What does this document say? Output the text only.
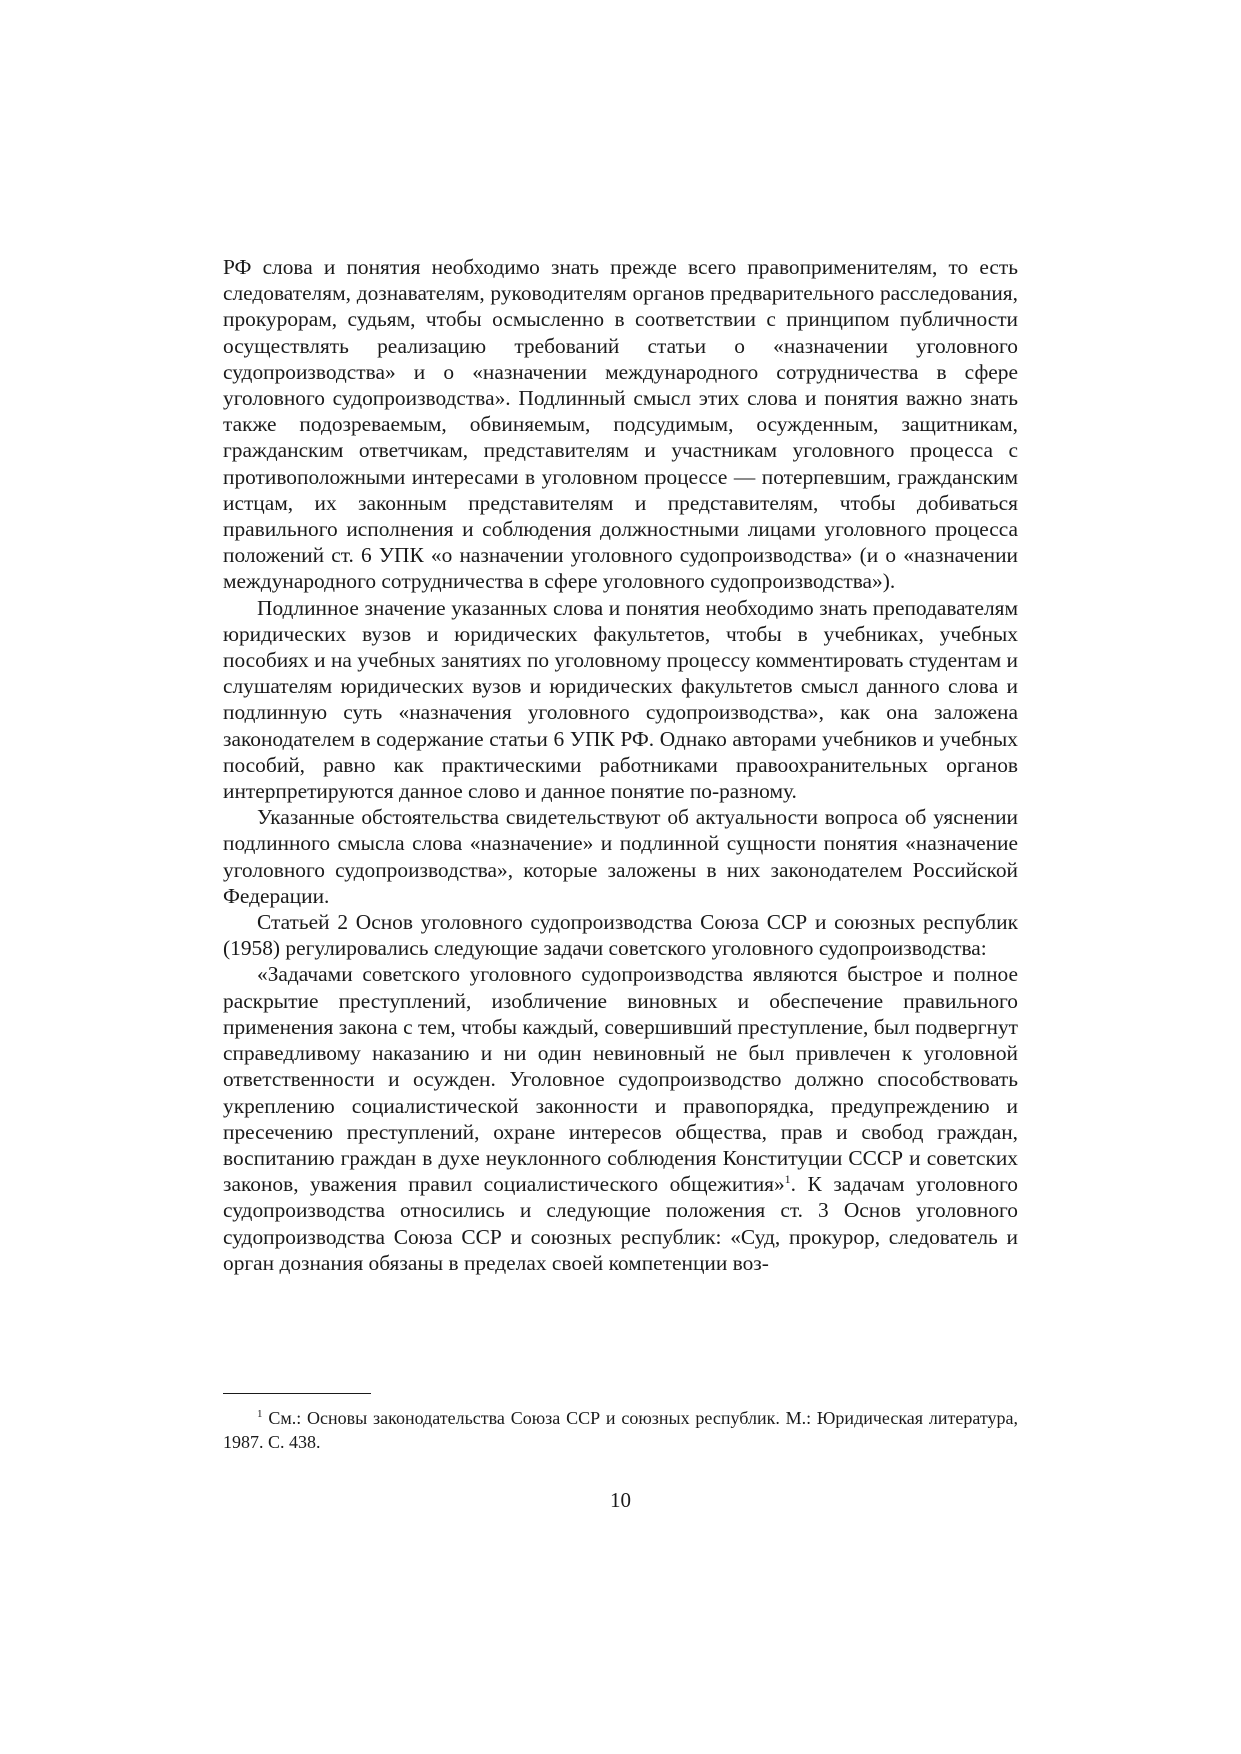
РФ слова и понятия необходимо знать прежде всего правоприменителям, то есть следователям, дознавателям, руководителям органов предварительного расследования, прокурорам, судьям, чтобы осмысленно в соответствии с принципом публичности осуществлять реализацию требований статьи о «назначении уголовного судопроизводства» и о «назначении международного сотрудничества в сфере уголовного судопроизводства». Подлинный смысл этих слова и понятия важно знать также подозреваемым, обвиняемым, подсудимым, осужденным, защитникам, гражданским ответчикам, представителям и участникам уголовного процесса с противоположными интересами в уголовном процессе — потерпевшим, гражданским истцам, их законным представителям и представителям, чтобы добиваться правильного исполнения и соблюдения должностными лицами уголовного процесса положений ст. 6 УПК «о назначении уголовного судопроизводства» (и о «назначении международного сотрудничества в сфере уголовного судопроизводства»).

Подлинное значение указанных слова и понятия необходимо знать преподавателям юридических вузов и юридических факультетов, чтобы в учебниках, учебных пособиях и на учебных занятиях по уголовному процессу комментировать студентам и слушателям юридических вузов и юридических факультетов смысл данного слова и подлинную суть «назначения уголовного судопроизводства», как она заложена законодателем в содержание статьи 6 УПК РФ. Однако авторами учебников и учебных пособий, равно как практическими работниками правоохранительных органов интерпретируются данное слово и данное понятие по-разному.

Указанные обстоятельства свидетельствуют об актуальности вопроса об уяснении подлинного смысла слова «назначение» и подлинной сущности понятия «назначение уголовного судопроизводства», которые заложены в них законодателем Российской Федерации.

Статьей 2 Основ уголовного судопроизводства Союза ССР и союзных республик (1958) регулировались следующие задачи советского уголовного судопроизводства:

«Задачами советского уголовного судопроизводства являются быстрое и полное раскрытие преступлений, изобличение виновных и обеспечение правильного применения закона с тем, чтобы каждый, совершивший преступление, был подвергнут справедливому наказанию и ни один невиновный не был привлечен к уголовной ответственности и осужден. Уголовное судопроизводство должно способствовать укреплению социалистической законности и правопорядка, предупреждению и пресечению преступлений, охране интересов общества, прав и свобод граждан, воспитанию граждан в духе неуклонного соблюдения Конституции СССР и советских законов, уважения правил социалистического общежития»$^1$. К задачам уголовного судопроизводства относились и следующие положения ст. 3 Основ уголовного судопроизводства Союза ССР и союзных республик: «Суд, прокурор, следователь и орган дознания обязаны в пределах своей компетенции воз-

$^1$ См.: Основы законодательства Союза ССР и союзных республик. М.: Юридическая литература, 1987. С. 438.

10
